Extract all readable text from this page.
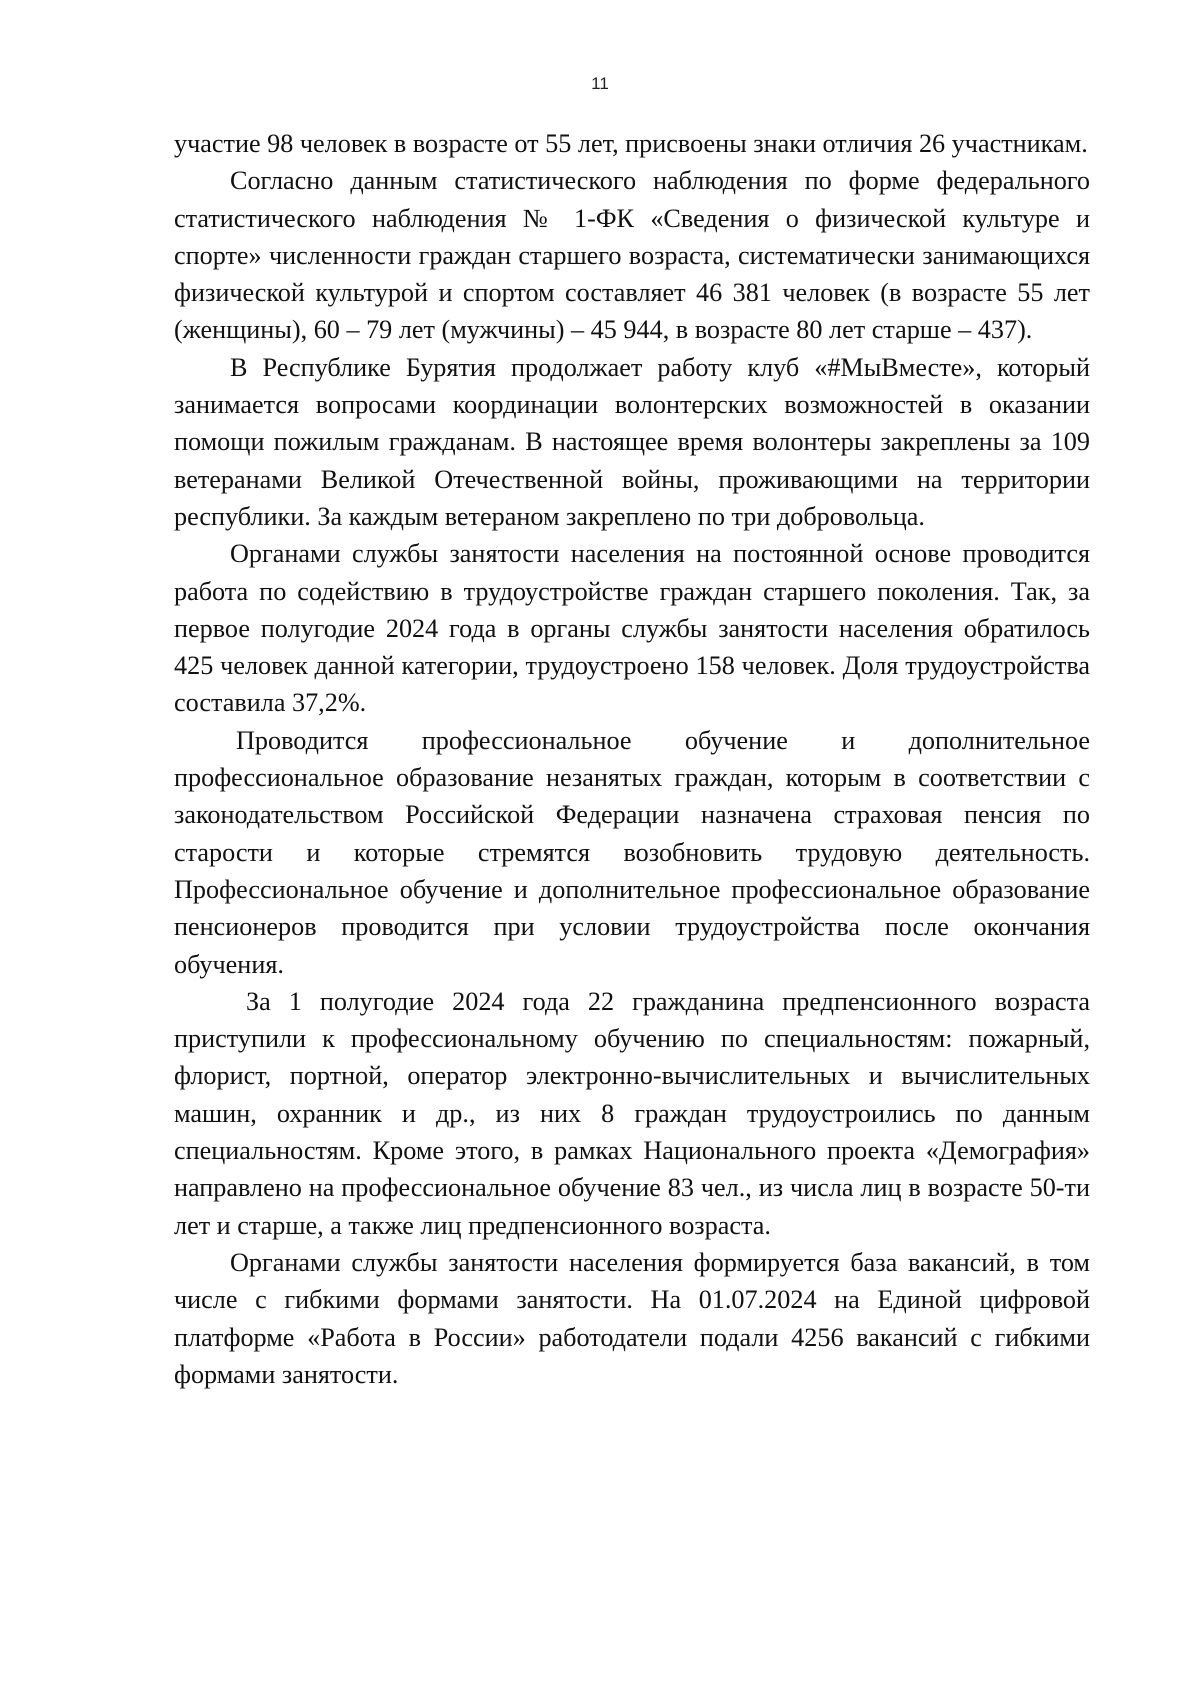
11

участие 98 человек в возрасте от 55 лет, присвоены знаки отличия 26 участникам.

Согласно данным статистического наблюдения по форме федерального статистического наблюдения № 1-ФК «Сведения о физической культуре и спорте» численности граждан старшего возраста, систематически занимающихся физической культурой и спортом составляет 46 381 человек (в возрасте 55 лет (женщины), 60 – 79 лет (мужчины) – 45 944, в возрасте 80 лет старше – 437).

В Республике Бурятия продолжает работу клуб «#МыВместе», который занимается вопросами координации волонтерских возможностей в оказании помощи пожилым гражданам. В настоящее время волонтеры закреплены за 109 ветеранами Великой Отечественной войны, проживающими на территории республики. За каждым ветераном закреплено по три добровольца.

Органами службы занятости населения на постоянной основе проводится работа по содействию в трудоустройстве граждан старшего поколения. Так, за первое полугодие 2024 года в органы службы занятости населения обратилось 425 человек данной категории, трудоустроено 158 человек. Доля трудоустройства составила 37,2%.

Проводится профессиональное обучение и дополнительное профессиональное образование незанятых граждан, которым в соответствии с законодательством Российской Федерации назначена страховая пенсия по старости и которые стремятся возобновить трудовую деятельность. Профессиональное обучение и дополнительное профессиональное образование пенсионеров проводится при условии трудоустройства после окончания обучения.

За 1 полугодие 2024 года 22 гражданина предпенсионного возраста приступили к профессиональному обучению по специальностям: пожарный, флорист, портной, оператор электронно-вычислительных и вычислительных машин, охранник и др., из них 8 граждан трудоустроились по данным специальностям. Кроме этого, в рамках Национального проекта «Демография» направлено на профессиональное обучение 83 чел., из числа лиц в возрасте 50-ти лет и старше, а также лиц предпенсионного возраста.

Органами службы занятости населения формируется база вакансий, в том числе с гибкими формами занятости. На 01.07.2024 на Единой цифровой платформе «Работа в России» работодатели подали 4256 вакансий с гибкими формами занятости.
